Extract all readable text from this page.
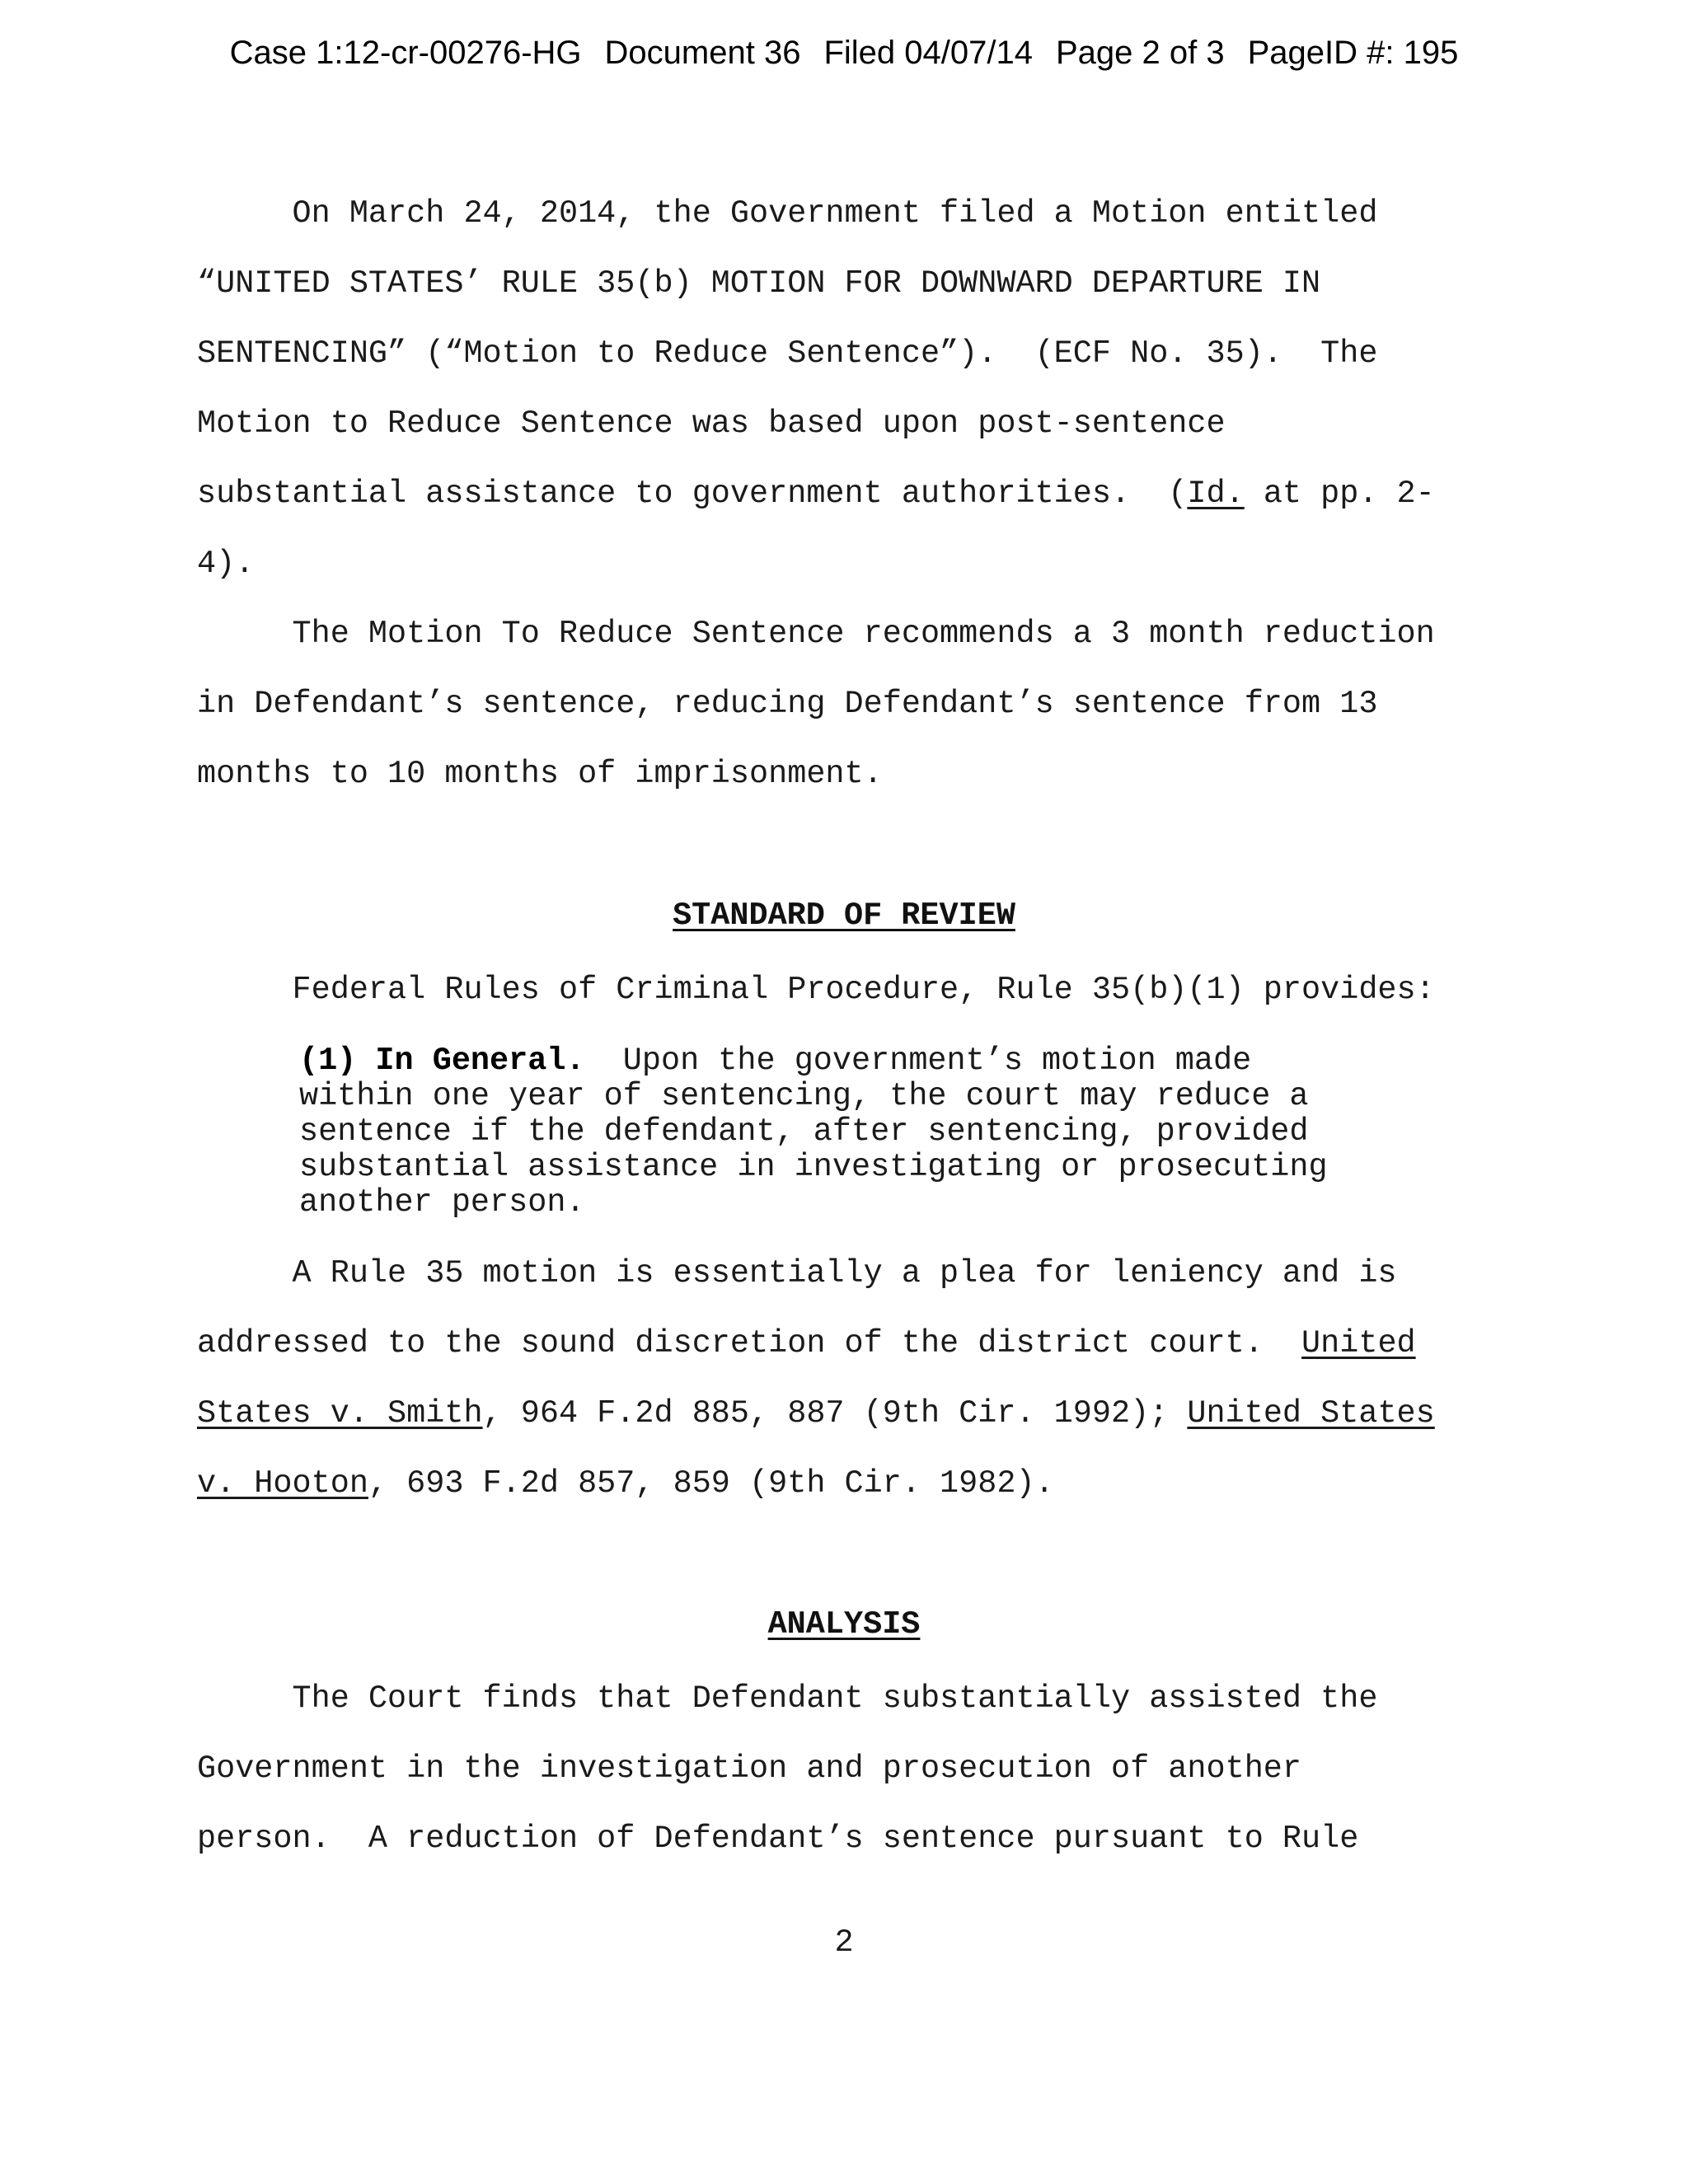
Case 1:12-cr-00276-HG Document 36 Filed 04/07/14 Page 2 of 3 PageID #: 195
On March 24, 2014, the Government filed a Motion entitled
“UNITED STATES’ RULE 35(b) MOTION FOR DOWNWARD DEPARTURE IN
SENTENCING” (“Motion to Reduce Sentence”).  (ECF No. 35).  The
Motion to Reduce Sentence was based upon post-sentence
substantial assistance to government authorities.  (Id. at pp. 2-
4).
The Motion To Reduce Sentence recommends a 3 month reduction
in Defendant’s sentence, reducing Defendant’s sentence from 13
months to 10 months of imprisonment.
STANDARD OF REVIEW
Federal Rules of Criminal Procedure, Rule 35(b)(1) provides:
(1) In General.  Upon the government’s motion made
within one year of sentencing, the court may reduce a
sentence if the defendant, after sentencing, provided
substantial assistance in investigating or prosecuting
another person.
A Rule 35 motion is essentially a plea for leniency and is
addressed to the sound discretion of the district court.  United
States v. Smith, 964 F.2d 885, 887 (9th Cir. 1992); United States
v. Hooton, 693 F.2d 857, 859 (9th Cir. 1982).
ANALYSIS
The Court finds that Defendant substantially assisted the
Government in the investigation and prosecution of another
person.  A reduction of Defendant’s sentence pursuant to Rule
2
